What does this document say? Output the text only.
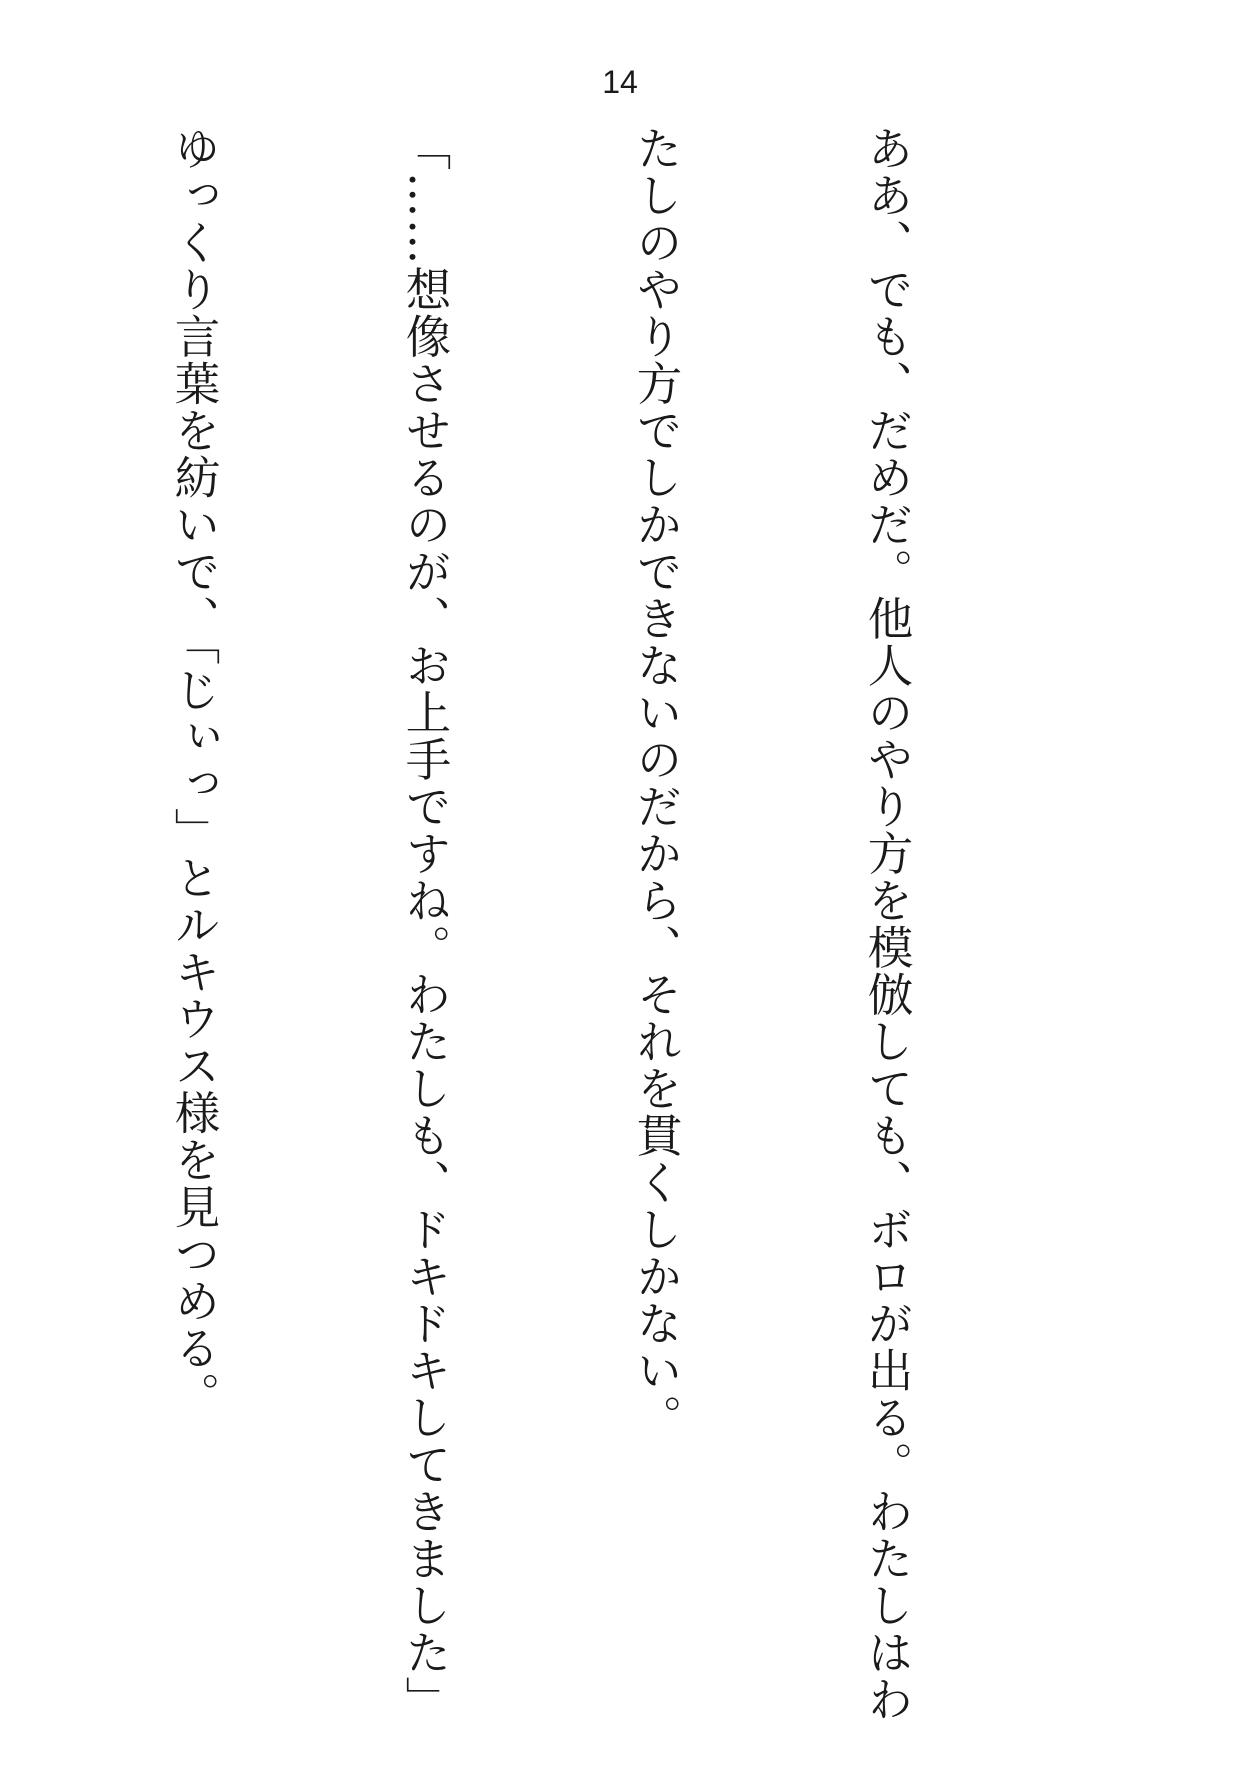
14

ああ、でも、だめだ。他人のやり方を模倣しても、ボロが出る。わたしはわ

たしのやり方でしかできないのだから、それを貫くしかない。

「……想像させるのが、お上手ですね。わたしも、ドキドキしてきました」

ゆっくり言葉を紡いで、「じぃっ」とルキウス様を見つめる。
